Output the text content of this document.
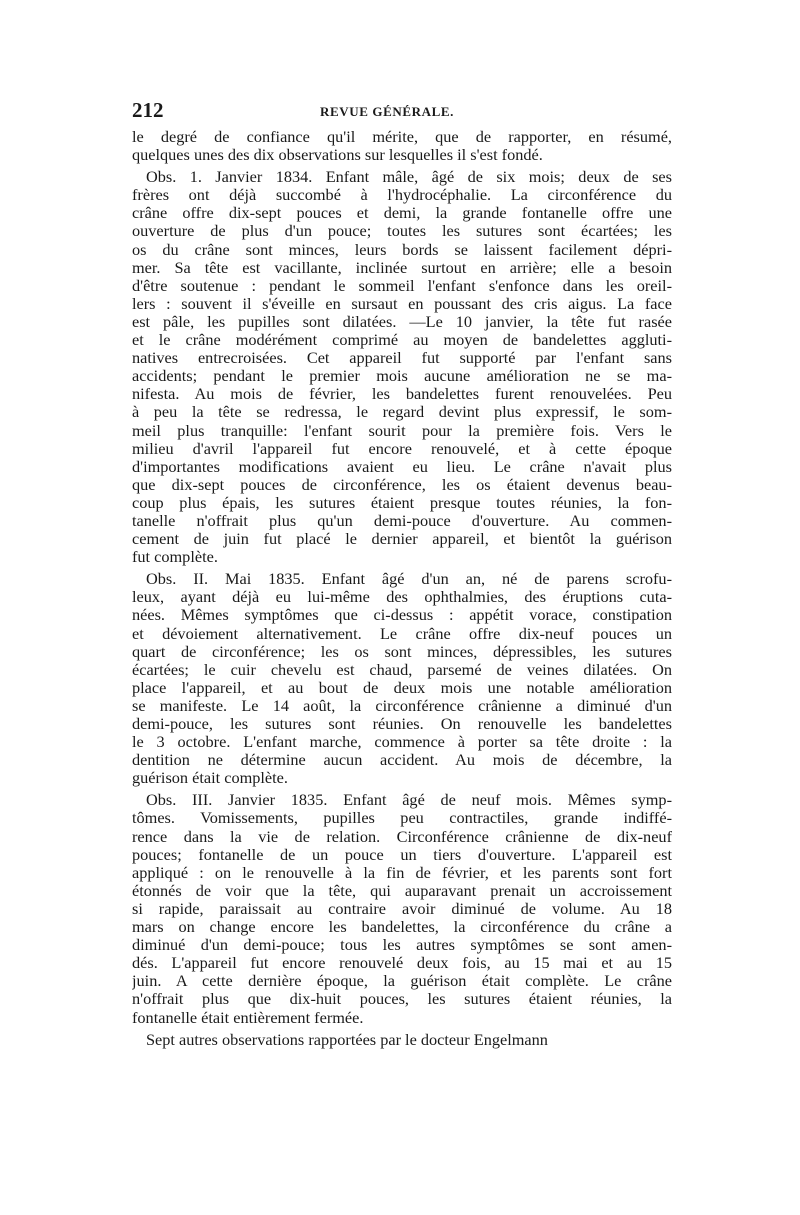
212	REVUE GÉNÉRALE.
le degré de confiance qu'il mérite, que de rapporter, en résumé,
quelques unes des dix observations sur lesquelles il s'est fondé.
Obs. 1. Janvier 1834. Enfant mâle, âgé de six mois; deux de ses
frères ont déjà succombé à l'hydrocéphalie. La circonférence du
crâne offre dix-sept pouces et demi, la grande fontanelle offre une
ouverture de plus d'un pouce; toutes les sutures sont écartées; les
os du crâne sont minces, leurs bords se laissent facilement dépri-
mer. Sa tête est vacillante, inclinée surtout en arrière; elle a besoin
d'être soutenue : pendant le sommeil l'enfant s'enfonce dans les oreil-
lers : souvent il s'éveille en sursaut en poussant des cris aigus. La face
est pâle, les pupilles sont dilatées. —Le 10 janvier, la tête fut rasée
et le crâne modérément comprimé au moyen de bandelettes aggluti-
natives entrecroisées. Cet appareil fut supporté par l'enfant sans
accidents; pendant le premier mois aucune amélioration ne se ma-
nifesta. Au mois de février, les bandelettes furent renouvelées. Peu
à peu la tête se redressa, le regard devint plus expressif, le som-
meil plus tranquille: l'enfant sourit pour la première fois. Vers le
milieu d'avril l'appareil fut encore renouvelé, et à cette époque
d'importantes modifications avaient eu lieu. Le crâne n'avait plus
que dix-sept pouces de circonférence, les os étaient devenus beau-
coup plus épais, les sutures étaient presque toutes réunies, la fon-
tanelle n'offrait plus qu'un demi-pouce d'ouverture. Au commen-
cement de juin fut placé le dernier appareil, et bientôt la guérison
fut complète.
Obs. II. Mai 1835. Enfant âgé d'un an, né de parens scrofu-
leux, ayant déjà eu lui-même des ophthalmies, des éruptions cuta-
nées. Mêmes symptômes que ci-dessus : appétit vorace, constipation
et dévoiement alternativement. Le crâne offre dix-neuf pouces un
quart de circonférence; les os sont minces, dépressibles, les sutures
écartées; le cuir chevelu est chaud, parsemé de veines dilatées. On
place l'appareil, et au bout de deux mois une notable amélioration
se manifeste. Le 14 août, la circonférence crânienne a diminué d'un
demi-pouce, les sutures sont réunies. On renouvelle les bandelettes
le 3 octobre. L'enfant marche, commence à porter sa tête droite : la
dentition ne détermine aucun accident. Au mois de décembre, la
guérison était complète.
Obs. III. Janvier 1835. Enfant âgé de neuf mois. Mêmes symp-
tômes. Vomissements, pupilles peu contractiles, grande indiffé-
rence dans la vie de relation. Circonférence crânienne de dix-neuf
pouces; fontanelle de un pouce un tiers d'ouverture. L'appareil est
appliqué : on le renouvelle à la fin de février, et les parents sont fort
étonnés de voir que la tête, qui auparavant prenait un accroissement
si rapide, paraissait au contraire avoir diminué de volume. Au 18
mars on change encore les bandelettes, la circonférence du crâne a
diminué d'un demi-pouce; tous les autres symptômes se sont amen-
dés. L'appareil fut encore renouvelé deux fois, au 15 mai et au 15
juin. A cette dernière époque, la guérison était complète. Le crâne
n'offrait plus que dix-huit pouces, les sutures étaient réunies, la
fontanelle était entièrement fermée.
Sept autres observations rapportées par le docteur Engelmann
